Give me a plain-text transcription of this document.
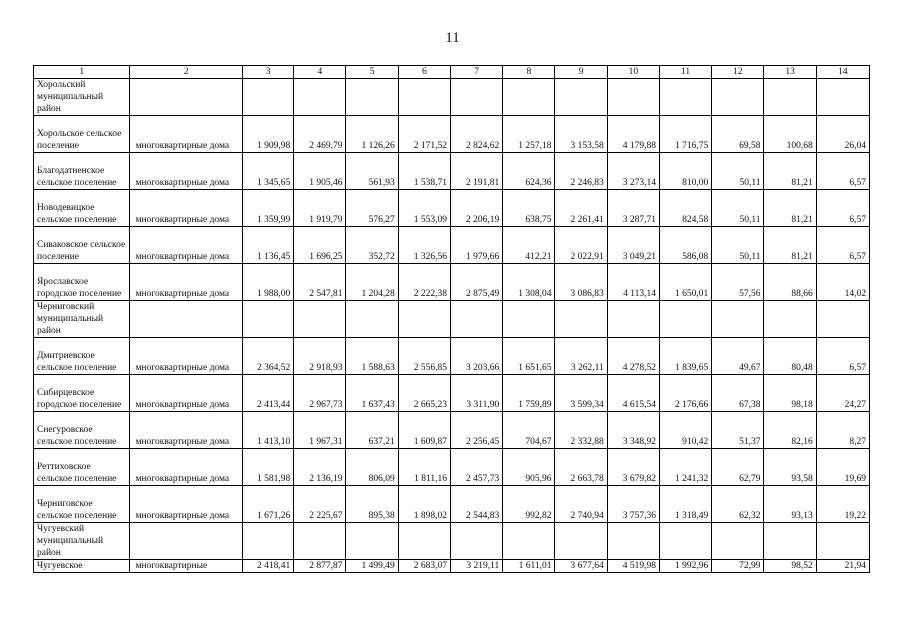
11
1	2	3	4	5	6	7	8	9	10	11	12	13	14
Хорольский муниципальный район													
Хорольское сельское поселение	многоквартирные дома	1 909,98	2 469,79	1 126,26	2 171,52	2 824,62	1 257,18	3 153,58	4 179,88	1 716,75	69,58	100,68	26,04
Благодатненское сельское поселение	многоквартирные дома	1 345,65	1 905,46	561,93	1 538,71	2 191,81	624,36	2 246,83	3 273,14	810,00	50,11	81,21	6,57
Новодевицкое сельское поселение	многоквартирные дома	1 359,99	1 919,79	576,27	1 553,09	2 206,19	638,75	2 261,41	3 287,71	824,58	50,11	81,21	6,57
Сиваковское сельское поселение	многоквартирные дома	1 136,45	1 696,25	352,72	1 326,56	1 979,66	412,21	2 022,91	3 049,21	586,08	50,11	81,21	6,57
Ярославское городское поселение	многоквартирные дома	1 988,00	2 547,81	1 204,28	2 222,38	2 875,49	1 308,04	3 086,83	4 113,14	1 650,01	57,56	88,66	14,02
Черниговский муниципальный район													
Дмитриевское сельское поселение	многоквартирные дома	2 364,52	2 918,93	1 588,63	2 556,85	3 203,66	1 651,65	3 262,11	4 278,52	1 839,65	49,67	80,48	6,57
Сибирцевское городское поселение	многоквартирные дома	2 413,44	2 967,73	1 637,43	2 665,23	3 311,90	1 759,89	3 599,34	4 615,54	2 176,66	67,38	98,18	24,27
Снегуровское сельское поселение	многоквартирные дома	1 413,10	1 967,31	637,21	1 609,87	2 256,45	704,67	2 332,88	3 348,92	910,42	51,37	82,16	8,27
Реттиховское сельское поселение	многоквартирные дома	1 581,98	2 136,19	806,09	1 811,16	2 457,73	905,96	2 663,78	3 679,82	1 241,32	62,79	93,58	19,69
Черниговское сельское поселение	многоквартирные дома	1 671,26	2 225,67	895,38	1 898,02	2 544,83	992,82	2 740,94	3 757,36	1 318,49	62,32	93,13	19,22
Чугуевский муниципальный район													
Чугуевское	многоквартирные	2 418,41	2 877,87	1 499,49	2 683,07	3 219,11	1 611,01	3 677,64	4 519,98	1 992,96	72,99	98,52	21,94
